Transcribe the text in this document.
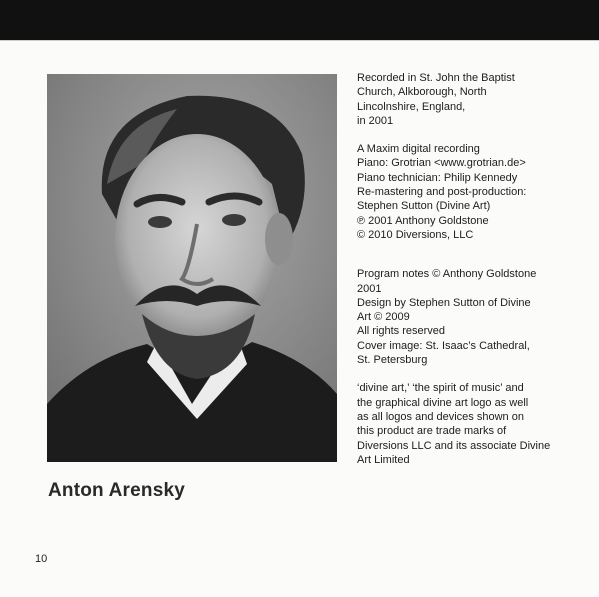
Anton Arensky
10

Recorded in St. John the Baptist
Church, Alkborough, North
Lincolnshire, England,
in 2001

A Maxim digital recording
Piano: Grotrian <www.grotrian.de>
Piano technician: Philip Kennedy
Re-mastering and post-production:
Stephen Sutton (Divine Art)
℗ 2001 Anthony Goldstone
© 2010 Diversions, LLC

Program notes © Anthony Goldstone
2001
Design by Stephen Sutton of Divine
Art © 2009
All rights reserved
Cover image: St. Isaac’s Cathedral,
St. Petersburg

‘divine art,’ ‘the spirit of music’ and
the graphical divine art logo as well
as all logos and devices shown on
this product are trade marks of
Diversions LLC and its associate Divine
Art Limited
